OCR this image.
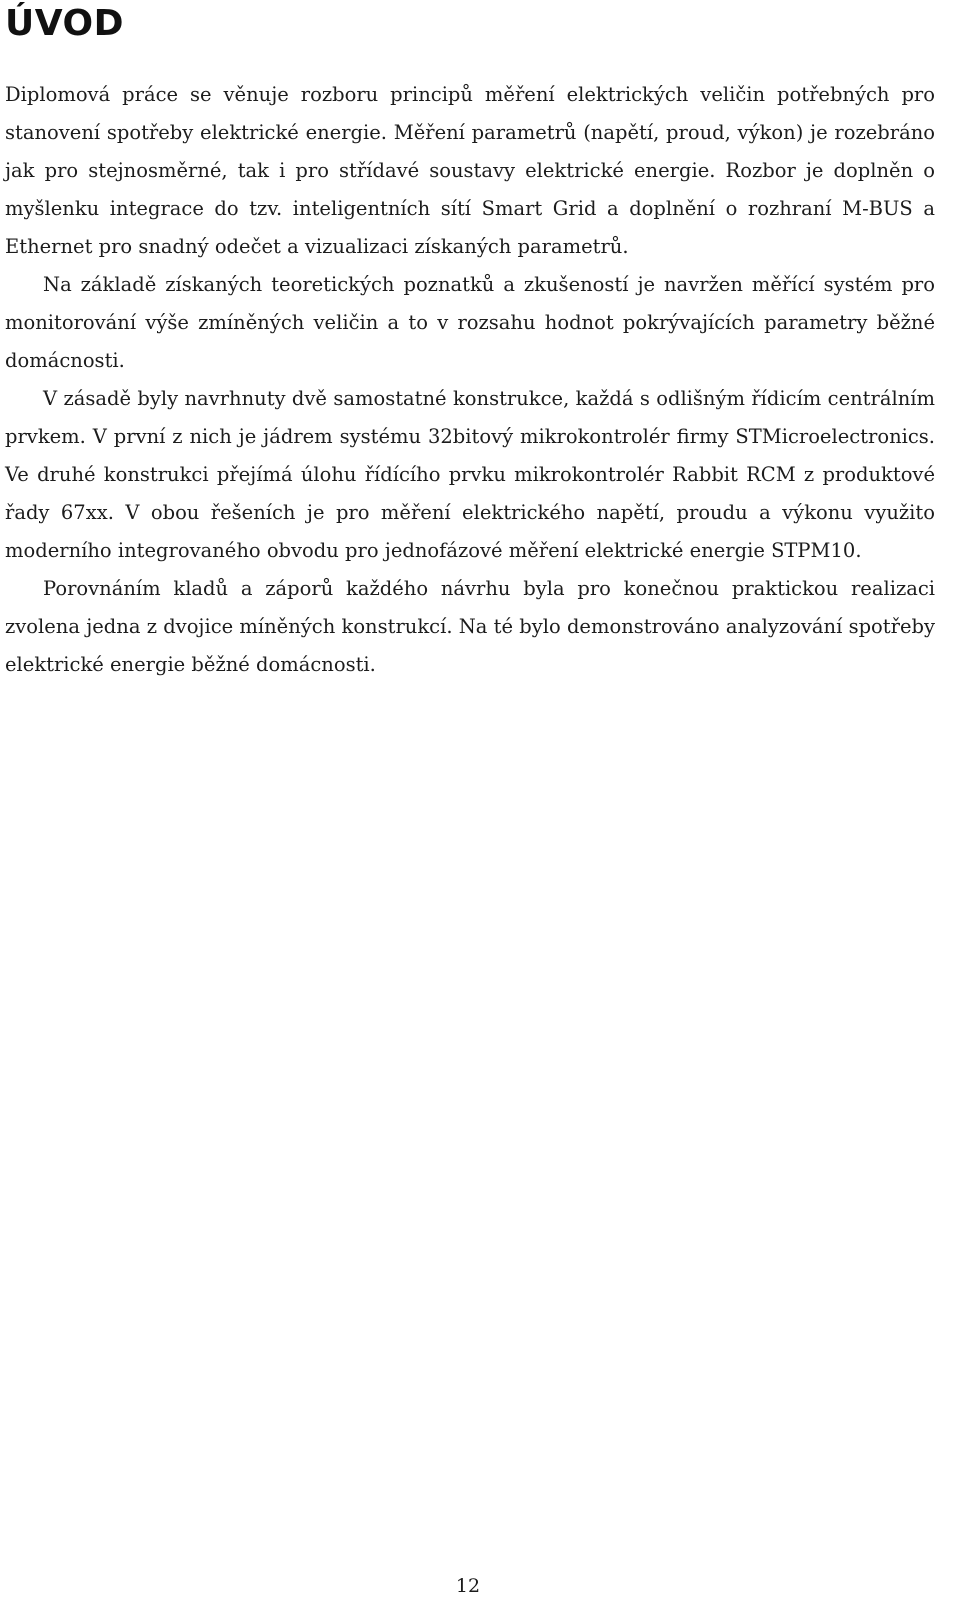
ÚVOD

Diplomová práce se věnuje rozboru principů měření elektrických veličin potřebných pro stanovení spotřeby elektrické energie. Měření parametrů (napětí, proud, výkon) je rozebráno jak pro stejnosměrné, tak i pro střídavé soustavy elektrické energie. Rozbor je doplněn o myšlenku integrace do tzv. inteligentních sítí Smart Grid a doplnění o rozhraní M-BUS a Ethernet pro snadný odečet a vizualizaci získaných parametrů.

Na základě získaných teoretických poznatků a zkušeností je navržen měřící systém pro monitorování výše zmíněných veličin a to v rozsahu hodnot pokrývajících parametry běžné domácnosti.

V zásadě byly navrhnuty dvě samostatné konstrukce, každá s odlišným řídicím centrálním prvkem. V první z nich je jádrem systému 32bitový mikrokontrolér firmy STMicroelectronics. Ve druhé konstrukci přejímá úlohu řídícího prvku mikrokontrolér Rabbit RCM z produktové řady 67xx. V obou řešeních je pro měření elektrického napětí, proudu a výkonu využito moderního integrovaného obvodu pro jednofázové měření elektrické energie STPM10.

Porovnáním kladů a záporů každého návrhu byla pro konečnou praktickou realizaci zvolena jedna z dvojice míněných konstrukcí. Na té bylo demonstrováno analyzování spotřeby elektrické energie běžné domácnosti.

12
